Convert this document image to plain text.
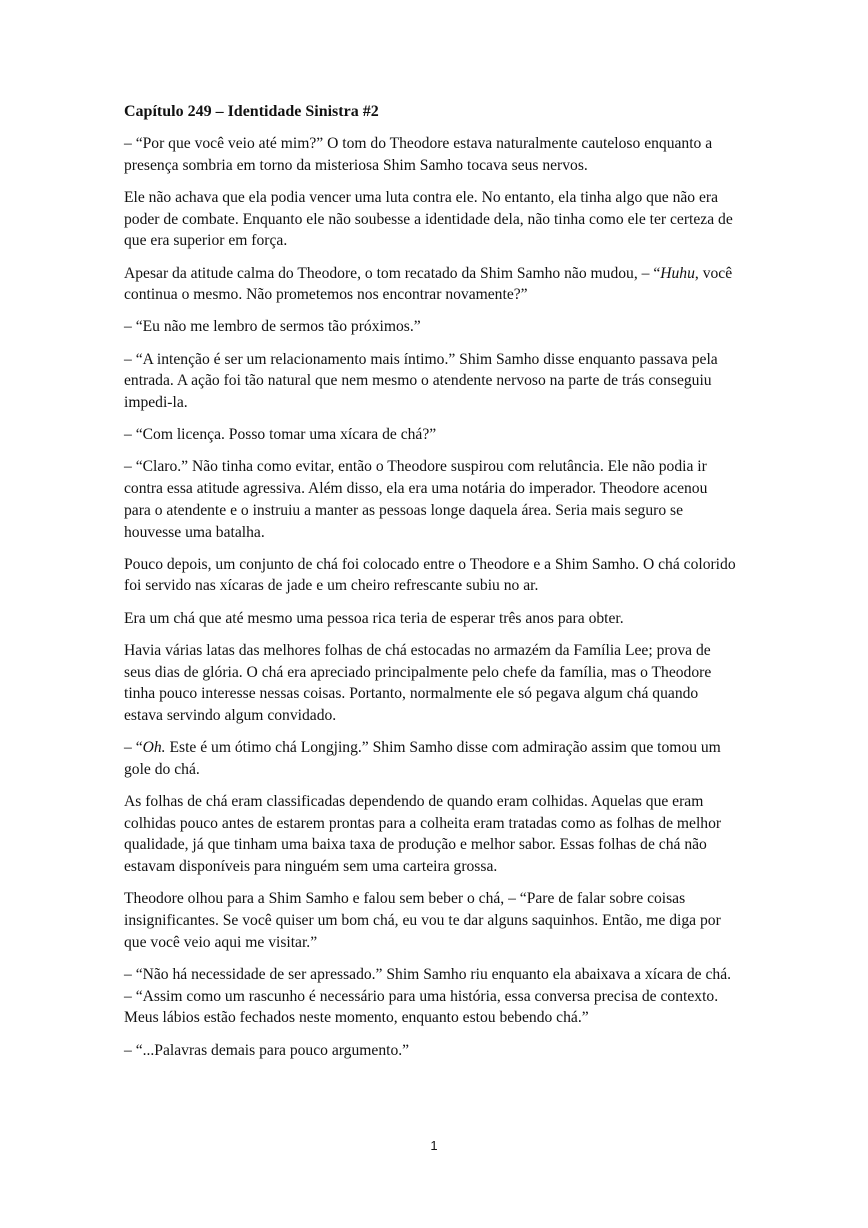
Capítulo 249 – Identidade Sinistra #2

– “Por que você veio até mim?” O tom do Theodore estava naturalmente cauteloso enquanto a presença sombria em torno da misteriosa Shim Samho tocava seus nervos.

Ele não achava que ela podia vencer uma luta contra ele. No entanto, ela tinha algo que não era poder de combate. Enquanto ele não soubesse a identidade dela, não tinha como ele ter certeza de que era superior em força.

Apesar da atitude calma do Theodore, o tom recatado da Shim Samho não mudou, – “Huhu, você continua o mesmo. Não prometemos nos encontrar novamente?”

– “Eu não me lembro de sermos tão próximos.”

– “A intenção é ser um relacionamento mais íntimo.” Shim Samho disse enquanto passava pela entrada. A ação foi tão natural que nem mesmo o atendente nervoso na parte de trás conseguiu impedi-la.

– “Com licença. Posso tomar uma xícara de chá?”

– “Claro.” Não tinha como evitar, então o Theodore suspirou com relutância. Ele não podia ir contra essa atitude agressiva. Além disso, ela era uma notária do imperador. Theodore acenou para o atendente e o instruiu a manter as pessoas longe daquela área. Seria mais seguro se houvesse uma batalha.

Pouco depois, um conjunto de chá foi colocado entre o Theodore e a Shim Samho. O chá colorido foi servido nas xícaras de jade e um cheiro refrescante subiu no ar.

Era um chá que até mesmo uma pessoa rica teria de esperar três anos para obter.

Havia várias latas das melhores folhas de chá estocadas no armazém da Família Lee; prova de seus dias de glória. O chá era apreciado principalmente pelo chefe da família, mas o Theodore tinha pouco interesse nessas coisas. Portanto, normalmente ele só pegava algum chá quando estava servindo algum convidado.

– “Oh. Este é um ótimo chá Longjing.” Shim Samho disse com admiração assim que tomou um gole do chá.

As folhas de chá eram classificadas dependendo de quando eram colhidas. Aquelas que eram colhidas pouco antes de estarem prontas para a colheita eram tratadas como as folhas de melhor qualidade, já que tinham uma baixa taxa de produção e melhor sabor. Essas folhas de chá não estavam disponíveis para ninguém sem uma carteira grossa.

Theodore olhou para a Shim Samho e falou sem beber o chá, – “Pare de falar sobre coisas insignificantes. Se você quiser um bom chá, eu vou te dar alguns saquinhos. Então, me diga por que você veio aqui me visitar.”

– “Não há necessidade de ser apressado.” Shim Samho riu enquanto ela abaixava a xícara de chá. – “Assim como um rascunho é necessário para uma história, essa conversa precisa de contexto. Meus lábios estão fechados neste momento, enquanto estou bebendo chá.”

– “...Palavras demais para pouco argumento.”

1
